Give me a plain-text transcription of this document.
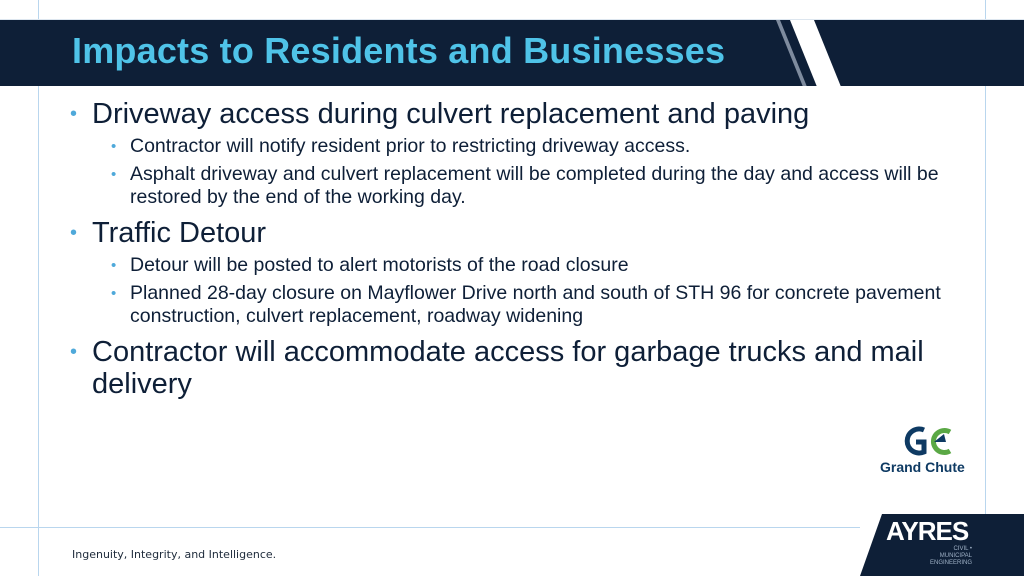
Impacts to Residents and Businesses
• Driveway access during culvert replacement and paving
• Contractor will notify resident prior to restricting driveway access.
• Asphalt driveway and culvert replacement will be completed during the day and access will be restored by the end of the working day.
• Traffic Detour
• Detour will be posted to alert motorists of the road closure
• Planned 28-day closure on Mayflower Drive north and south of STH 96 for concrete pavement construction, culvert replacement, roadway widening
• Contractor will accommodate access for garbage trucks and mail delivery
Grand Chute
Ingenuity, Integrity, and Intelligence.
AYRES
CIVIL • MUNICIPAL
ENGINEERING
